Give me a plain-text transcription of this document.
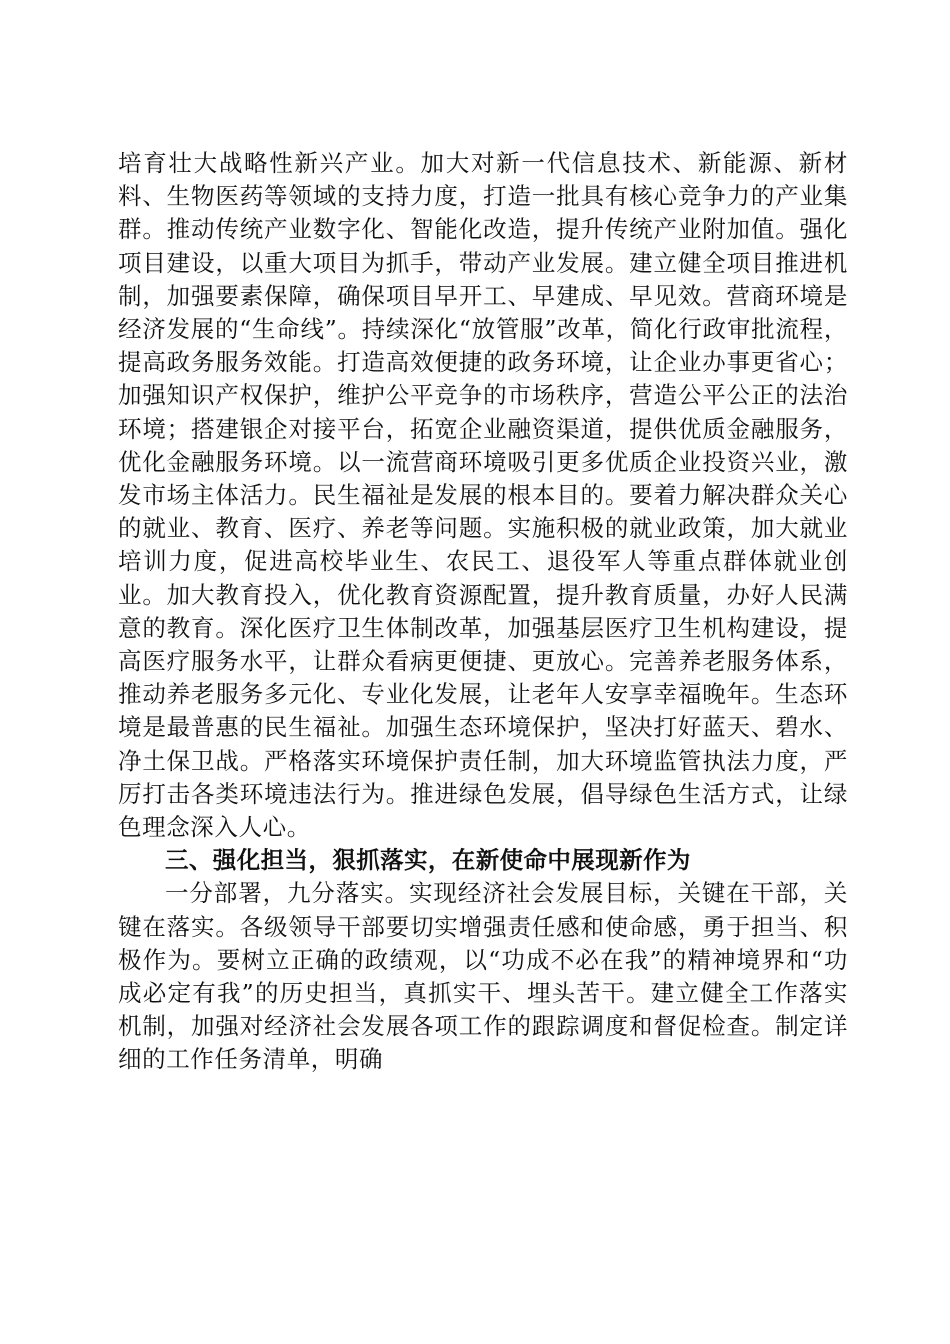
培育壮大战略性新兴产业。加大对新一代信息技术、新能源、新材料、生物医药等领域的支持力度，打造一批具有核心竞争力的产业集群。推动传统产业数字化、智能化改造，提升传统产业附加值。强化项目建设，以重大项目为抓手，带动产业发展。建立健全项目推进机制，加强要素保障，确保项目早开工、早建成、早见效。营商环境是经济发展的“生命线”。持续深化“放管服”改革，简化行政审批流程，提高政务服务效能。打造高效便捷的政务环境，让企业办事更省心；加强知识产权保护，维护公平竞争的市场秩序，营造公平公正的法治环境；搭建银企对接平台，拓宽企业融资渠道，提供优质金融服务，优化金融服务环境。以一流营商环境吸引更多优质企业投资兴业，激发市场主体活力。民生福祉是发展的根本目的。要着力解决群众关心的就业、教育、医疗、养老等问题。实施积极的就业政策，加大就业培训力度，促进高校毕业生、农民工、退役军人等重点群体就业创业。加大教育投入，优化教育资源配置，提升教育质量，办好人民满意的教育。深化医疗卫生体制改革，加强基层医疗卫生机构建设，提高医疗服务水平，让群众看病更便捷、更放心。完善养老服务体系，推动养老服务多元化、专业化发展，让老年人安享幸福晚年。生态环境是最普惠的民生福祉。加强生态环境保护，坚决打好蓝天、碧水、净土保卫战。严格落实环境保护责任制，加大环境监管执法力度，严厉打击各类环境违法行为。推进绿色发展，倡导绿色生活方式，让绿色理念深入人心。

三、强化担当，狠抓落实，在新使命中展现新作为

一分部署，九分落实。实现经济社会发展目标，关键在干部，关键在落实。各级领导干部要切实增强责任感和使命感，勇于担当、积极作为。要树立正确的政绩观，以“功成不必在我”的精神境界和“功成必定有我”的历史担当，真抓实干、埋头苦干。建立健全工作落实机制，加强对经济社会发展各项工作的跟踪调度和督促检查。制定详细的工作任务清单，明确
